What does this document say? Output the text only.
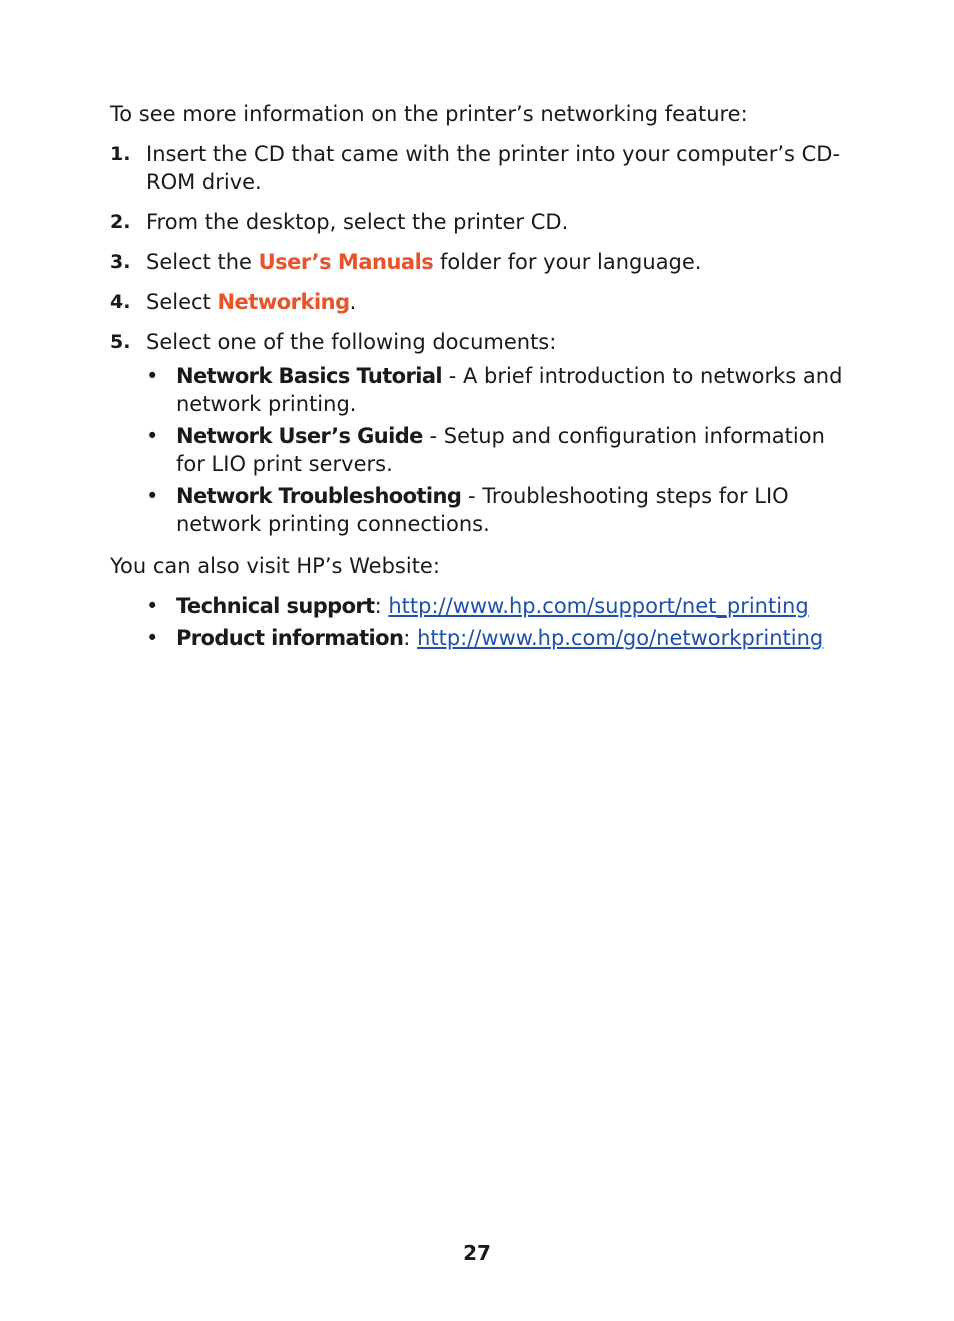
To see more information on the printer’s networking feature:

1. Insert the CD that came with the printer into your computer’s CD-ROM drive.
2. From the desktop, select the printer CD.
3. Select the User’s Manuals folder for your language.
4. Select Networking.
5. Select one of the following documents:
• Network Basics Tutorial - A brief introduction to networks and network printing.
• Network User’s Guide - Setup and configuration information for LIO print servers.
• Network Troubleshooting - Troubleshooting steps for LIO network printing connections.

You can also visit HP’s Website:

• Technical support: http://www.hp.com/support/net_printing
• Product information: http://www.hp.com/go/networkprinting
27
